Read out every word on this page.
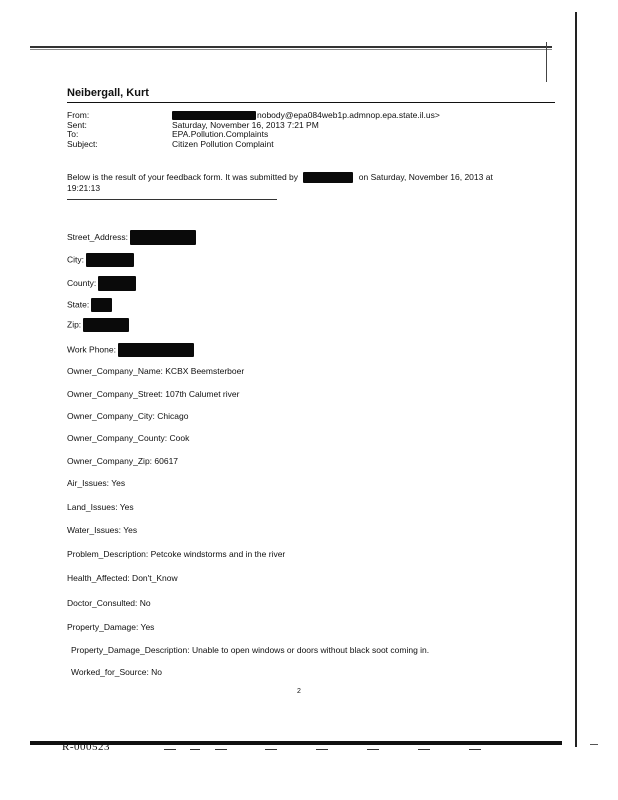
Neibergall, Kurt
From:	nobody@epa084web1p.admnop.epa.state.il.us>
Sent:	Saturday, November 16, 2013 7:21 PM
To:	EPA.Pollution.Complaints
Subject:	Citizen Pollution Complaint
Below is the result of your feedback form. It was submitted by	on Saturday, November 16, 2013 at 19:21:13
Street_Address:
City:
County:
State:
Zip:
Work Phone:
Owner_Company_Name: KCBX Beemsterboer
Owner_Company_Street: 107th Calumet river
Owner_Company_City: Chicago
Owner_Company_County: Cook
Owner_Company_Zip: 60617
Air_Issues: Yes
Land_Issues: Yes
Water_Issues: Yes
Problem_Description: Petcoke windstorms and in the river
Health_Affected: Don't_Know
Doctor_Consulted: No
Property_Damage: Yes
Property_Damage_Description: Unable to open windows or doors without black soot coming in.
Worked_for_Source: No
2
R-000523
